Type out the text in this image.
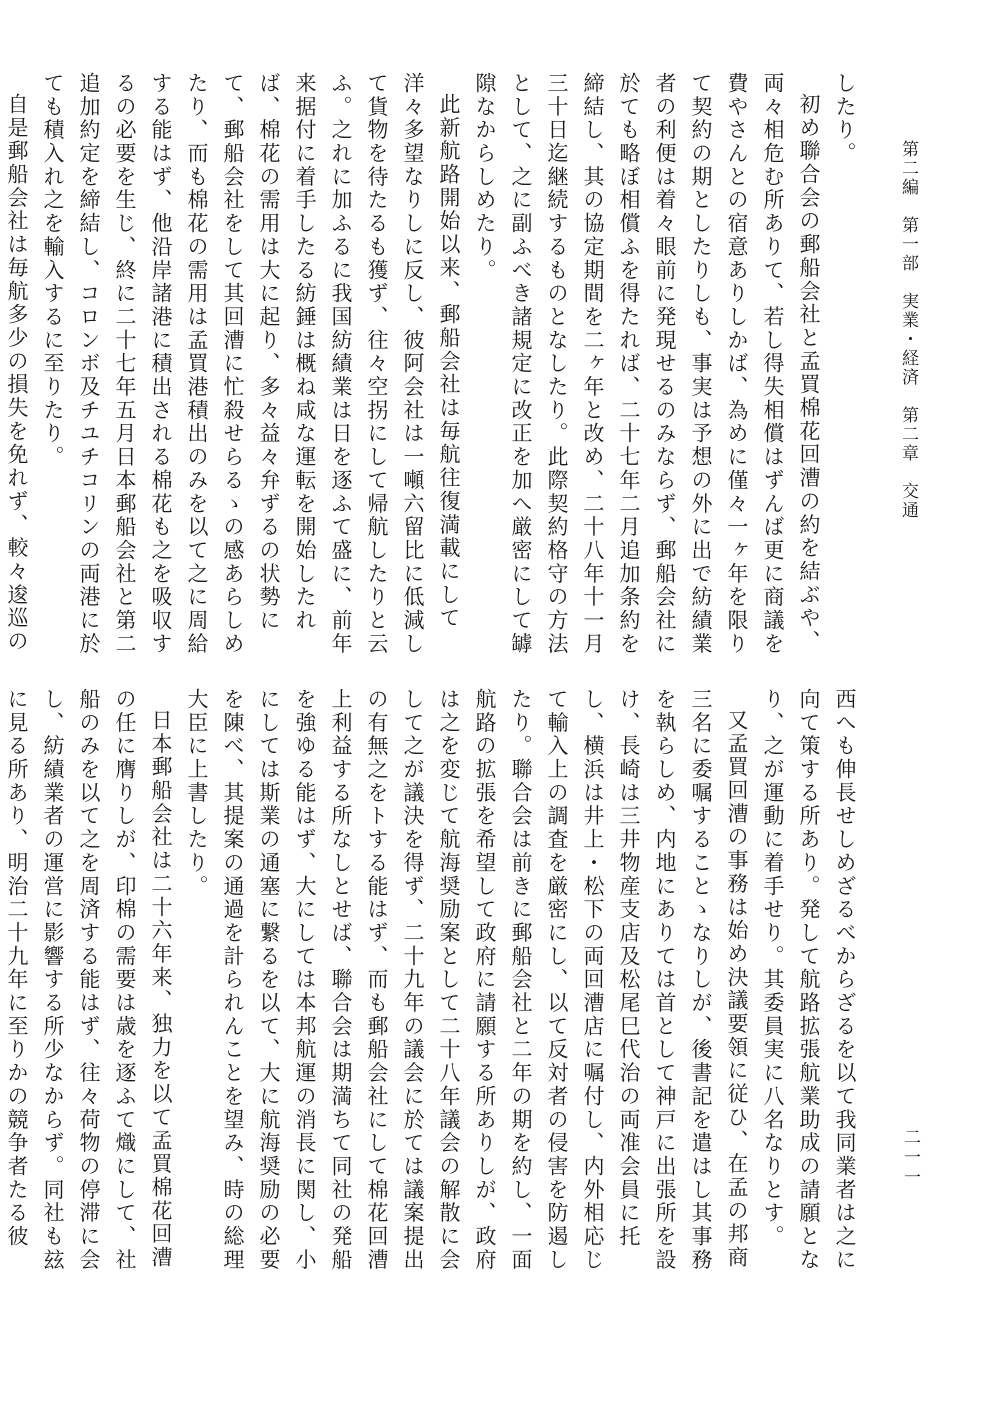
第二編　第一部　実業・経済　第二章　交通
二一一

したり。

初め聯合会の郵船会社と孟買棉花回漕の約を結ぶや、両々相危む所ありて、若し得失相償はずんば更に商議を費やさんとの宿意ありしかば、為めに僅々一ヶ年を限りて契約の期としたりしも、事実は予想の外に出で紡績業者の利便は着々眼前に発現せるのみならず、郵船会社に於ても略ぼ相償ふを得たれば、二十七年二月追加条約を締結し、其の協定期間を二ヶ年と改め、二十八年十一月三十日迄継続するものとなしたり。此際契約格守の方法として、之に副ふべき諸規定に改正を加へ厳密にして罅隙なからしめたり。

此新航路開始以来、郵船会社は毎航往復満載にして洋々多望なりしに反し、彼阿会社は一噸六留比に低減して貨物を待たるも獲ず、往々空拐にして帰航したりと云ふ。之れに加ふるに我国紡績業は日を逐ふて盛に、前年来据付に着手したる紡錘は概ね咸な運転を開始したれば、棉花の需用は大に起り、多々益々弁ずるの状勢にて、郵船会社をして其回漕に忙殺せらるゝの感あらしめたり、而も棉花の需用は孟買港積出のみを以て之に周給する能はず、他沿岸諸港に積出される棉花も之を吸収するの必要を生じ、終に二十七年五月日本郵船会社と第二追加約定を締結し、コロンボ及チユチコリンの両港に於ても積入れ之を輸入するに至りたり。

自是郵船会社は毎航多少の損失を免れず、較々逡巡の

西へも伸長せしめざるべからざるを以て我同業者は之に向て策する所あり。発して航路拡張航業助成の請願となり、之が運動に着手せり。其委員実に八名なりとす。

又孟買回漕の事務は始め決議要領に従ひ、在孟の邦商三名に委嘱することゝなりしが、後書記を遣はし其事務を執らしめ、内地にありては首として神戸に出張所を設け、長崎は三井物産支店及松尾巳代治の両准会員に托し、横浜は井上・松下の両回漕店に嘱付し、内外相応じて輸入上の調査を厳密にし、以て反対者の侵害を防遏したり。聯合会は前きに郵船会社と二年の期を約し、一面航路の拡張を希望して政府に請願する所ありしが、政府は之を変じて航海奨励案として二十八年議会の解散に会して之が議決を得ず、二十九年の議会に於ては議案提出の有無之をトする能はず、而も郵船会社にして棉花回漕上利益する所なしとせば、聯合会は期満ちて同社の発船を強ゆる能はず、大にしては本邦航運の消長に関し、小にしては斯業の通塞に繋るを以て、大に航海奨励の必要を陳べ、其提案の通過を計られんことを望み、時の総理大臣に上書したり。

日本郵船会社は二十六年来、独力を以て孟買棉花回漕の任に膺りしが、印棉の需要は歳を逐ふて熾にして、社船のみを以て之を周済する能はず、往々荷物の停滞に会し、紡績業者の運営に影響する所少なからず。同社も玆に見る所あり、明治二十九年に至りかの競争者たる彼
